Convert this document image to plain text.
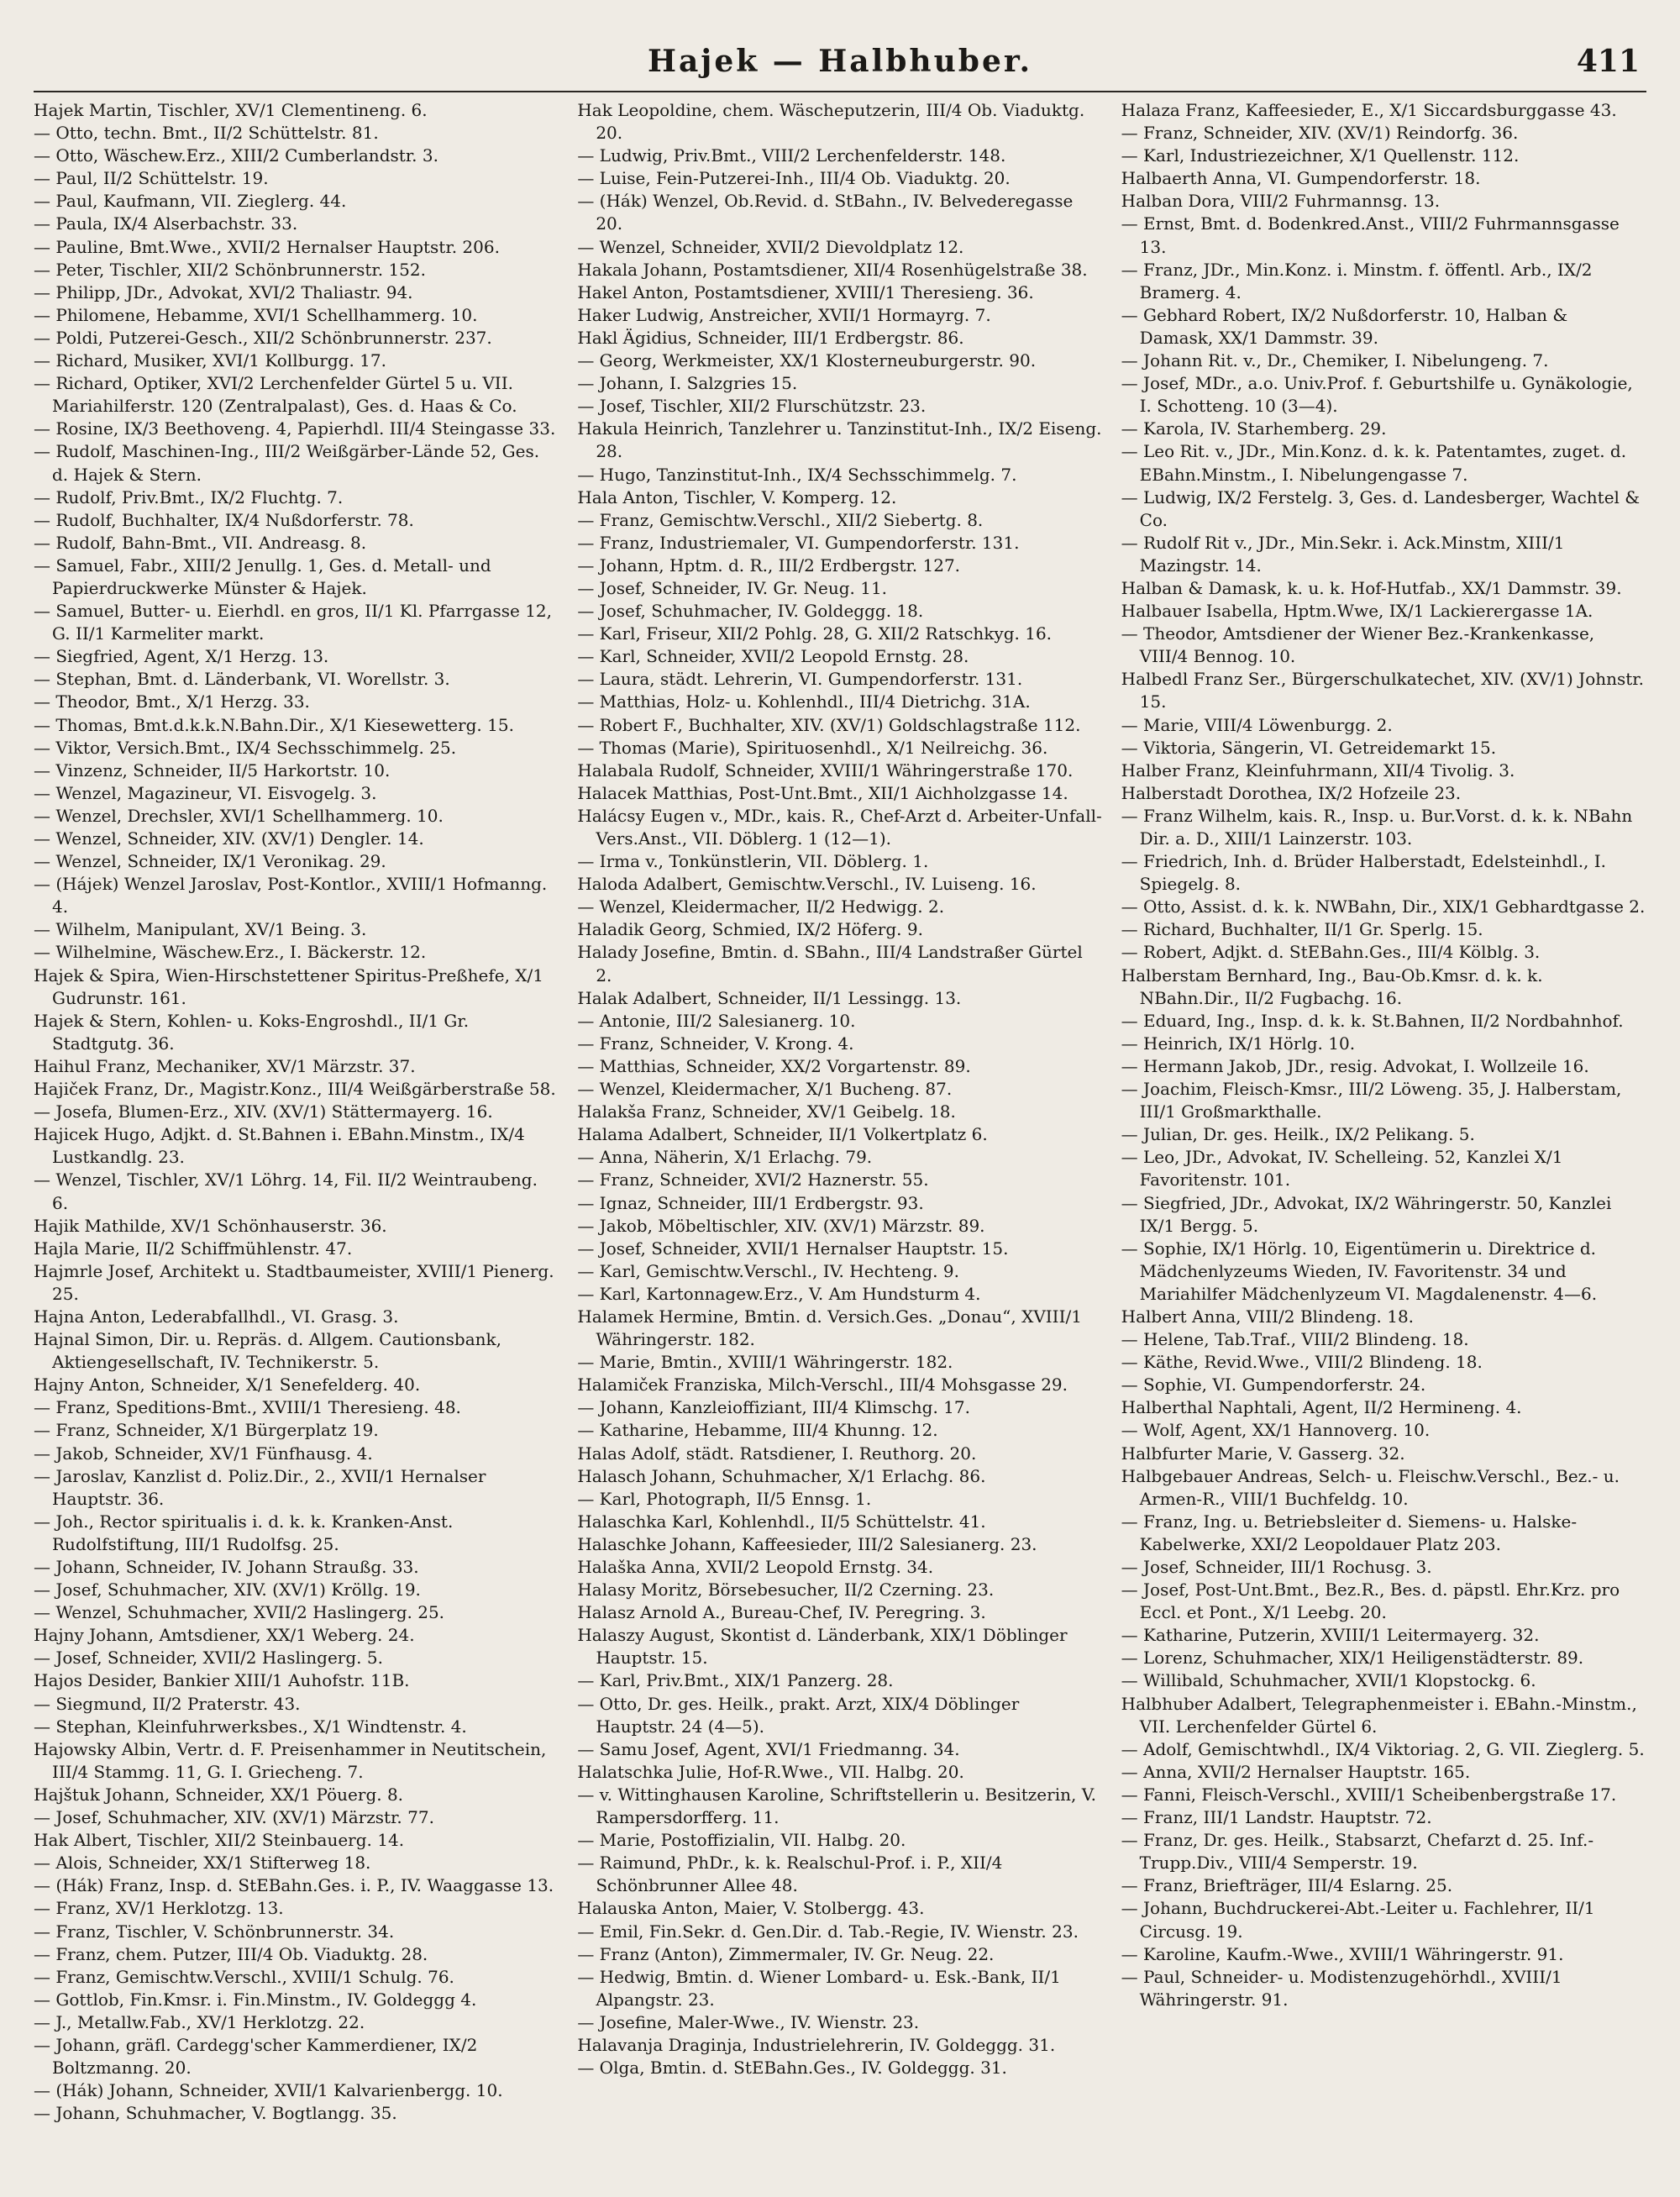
Hajek — Halbhuber.	411

Hajek Martin, Tischler, XV/1 Clementineng. 6.

— Otto, techn. Bmt., II/2 Schüttelstr. 81.

— Otto, Wäschew.Erz., XIII/2 Cumberlandstr. 3.

— Paul, II/2 Schüttelstr. 19.

— Paul, Kaufmann, VII. Zieglerg. 44.

— Paula, IX/4 Alserbachstr. 33.

— Pauline, Bmt.Wwe., XVII/2 Hernalser Hauptstr. 206.

— Peter, Tischler, XII/2 Schönbrunnerstr. 152.

— Philipp, JDr., Advokat, XVI/2 Thaliastr. 94.

— Philomene, Hebamme, XVI/1 Schellhammerg. 10.

— Poldi, Putzerei-Gesch., XII/2 Schönbrunnerstr. 237.

— Richard, Musiker, XVI/1 Kollburgg. 17.

— Richard, Optiker, XVI/2 Lerchenfelder Gürtel 5 u. VII. Mariahilferstr. 120 (Zentralpalast), Ges. d. Haas & Co.

— Rosine, IX/3 Beethoveng. 4, Papierhdl. III/4 Steingasse 33.

— Rudolf, Maschinen-Ing., III/2 Weißgärber-Lände 52, Ges. d. Hajek & Stern.

— Rudolf, Priv.Bmt., IX/2 Fluchtg. 7.

— Rudolf, Buchhalter, IX/4 Nußdorferstr. 78.

— Rudolf, Bahn-Bmt., VII. Andreasg. 8.

— Samuel, Fabr., XIII/2 Jenullg. 1, Ges. d. Metall- und Papierdruckwerke Münster & Hajek.

— Samuel, Butter- u. Eierhdl. en gros, II/1 Kl. Pfarrgasse 12, G. II/1 Karmeliter markt.

— Siegfried, Agent, X/1 Herzg. 13.

— Stephan, Bmt. d. Länderbank, VI. Worellstr. 3.

— Theodor, Bmt., X/1 Herzg. 33.

— Thomas, Bmt.d.k.k.N.Bahn.Dir., X/1 Kiesewetterg. 15.

— Viktor, Versich.Bmt., IX/4 Sechsschimmelg. 25.

— Vinzenz, Schneider, II/5 Harkortstr. 10.

— Wenzel, Magazineur, VI. Eisvogelg. 3.

— Wenzel, Drechsler, XVI/1 Schellhammerg. 10.

— Wenzel, Schneider, XIV. (XV/1) Dengler. 14.

— Wenzel, Schneider, IX/1 Veronikag. 29.

— (Hájek) Wenzel Jaroslav, Post-Kontlor., XVIII/1 Hofmanng. 4.

— Wilhelm, Manipulant, XV/1 Being. 3.

— Wilhelmine, Wäschew.Erz., I. Bäckerstr. 12.

Hajek & Spira, Wien-Hirschstettener Spiritus-Preßhefe, X/1 Gudrunstr. 161.

Hajek & Stern, Kohlen- u. Koks-Engroshdl., II/1 Gr. Stadtgutg. 36.

Haihul Franz, Mechaniker, XV/1 Märzstr. 37.

Hajiček Franz, Dr., Magistr.Konz., III/4 Weißgärberstraße 58.

— Josefa, Blumen-Erz., XIV. (XV/1) Stättermayerg. 16.

Hajicek Hugo, Adjkt. d. St.Bahnen i. EBahn.Minstm., IX/4 Lustkandlg. 23.

— Wenzel, Tischler, XV/1 Löhrg. 14, Fil. II/2 Weintraubeng. 6.

Hajik Mathilde, XV/1 Schönhauserstr. 36.

Hajla Marie, II/2 Schiffmühlenstr. 47.

Hajmrle Josef, Architekt u. Stadtbaumeister, XVIII/1 Pienerg. 25.

Hajna Anton, Lederabfallhdl., VI. Grasg. 3.

Hajnal Simon, Dir. u. Repräs. d. Allgem. Cautionsbank, Aktiengesellschaft, IV. Technikerstr. 5.

Hajny Anton, Schneider, X/1 Senefelderg. 40.

— Franz, Speditions-Bmt., XVIII/1 Theresieng. 48.

— Franz, Schneider, X/1 Bürgerplatz 19.

— Jakob, Schneider, XV/1 Fünfhausg. 4.

— Jaroslav, Kanzlist d. Poliz.Dir., 2., XVII/1 Hernalser Hauptstr. 36.

— Joh., Rector spiritualis i. d. k. k. Kranken-Anst. Rudolfstiftung, III/1 Rudolfsg. 25.

— Johann, Schneider, IV. Johann Straußg. 33.

— Josef, Schuhmacher, XIV. (XV/1) Kröllg. 19.

— Wenzel, Schuhmacher, XVII/2 Haslingerg. 25.

Hajny Johann, Amtsdiener, XX/1 Weberg. 24.

— Josef, Schneider, XVII/2 Haslingerg. 5.

Hajos Desider, Bankier XIII/1 Auhofstr. 11B.

— Siegmund, II/2 Praterstr. 43.

— Stephan, Kleinfuhrwerksbes., X/1 Windtenstr. 4.

Hajowsky Albin, Vertr. d. F. Preisenhammer in Neutitschein, III/4 Stammg. 11, G. I. Griecheng. 7.

Hajštuk Johann, Schneider, XX/1 Pöuerg. 8.

— Josef, Schuhmacher, XIV. (XV/1) Märzstr. 77.

Hak Albert, Tischler, XII/2 Steinbauerg. 14.

— Alois, Schneider, XX/1 Stifterweg 18.

— (Hák) Franz, Insp. d. StEBahn.Ges. i. P., IV. Waaggasse 13.

— Franz, XV/1 Herklotzg. 13.

— Franz, Tischler, V. Schönbrunnerstr. 34.

— Franz, chem. Putzer, III/4 Ob. Viaduktg. 28.

— Franz, Gemischtw.Verschl., XVIII/1 Schulg. 76.

— Gottlob, Fin.Kmsr. i. Fin.Minstm., IV. Goldeggg 4.

— J., Metallw.Fab., XV/1 Herklotzg. 22.

— Johann, gräfl. Cardegg'scher Kammerdiener, IX/2 Boltzmanng. 20.

— (Hák) Johann, Schneider, XVII/1 Kalvarienbergg. 10.

— Johann, Schuhmacher, V. Bogtlangg. 35.

Hak Leopoldine, chem. Wäscheputzerin, III/4 Ob. Viaduktg. 20.

— Ludwig, Priv.Bmt., VIII/2 Lerchenfelderstr. 148.

— Luise, Fein-Putzerei-Inh., III/4 Ob. Viaduktg. 20.

— (Hák) Wenzel, Ob.Revid. d. StBahn., IV. Belvederegasse 20.

— Wenzel, Schneider, XVII/2 Dievoldplatz 12.

Hakala Johann, Postamtsdiener, XII/4 Rosenhügelstraße 38.

Hakel Anton, Postamtsdiener, XVIII/1 Theresieng. 36.

Haker Ludwig, Anstreicher, XVII/1 Hormayrg. 7.

Hakl Ägidius, Schneider, III/1 Erdbergstr. 86.

— Georg, Werkmeister, XX/1 Klosterneuburgerstr. 90.

— Johann, I. Salzgries 15.

— Josef, Tischler, XII/2 Flurschützstr. 23.

Hakula Heinrich, Tanzlehrer u. Tanzinstitut-Inh., IX/2 Eiseng. 28.

— Hugo, Tanzinstitut-Inh., IX/4 Sechsschimmelg. 7.

Hala Anton, Tischler, V. Komperg. 12.

— Franz, Gemischtw.Verschl., XII/2 Siebertg. 8.

— Franz, Industriemaler, VI. Gumpendorferstr. 131.

— Johann, Hptm. d. R., III/2 Erdbergstr. 127.

— Josef, Schneider, IV. Gr. Neug. 11.

— Josef, Schuhmacher, IV. Goldeggg. 18.

— Karl, Friseur, XII/2 Pohlg. 28, G. XII/2 Ratschkyg. 16.

— Karl, Schneider, XVII/2 Leopold Ernstg. 28.

— Laura, städt. Lehrerin, VI. Gumpendorferstr. 131.

— Matthias, Holz- u. Kohlenhdl., III/4 Dietrichg. 31A.

— Robert F., Buchhalter, XIV. (XV/1) Goldschlagstraße 112.

— Thomas (Marie), Spirituosenhdl., X/1 Neilreichg. 36.

Halabala Rudolf, Schneider, XVIII/1 Währingerstraße 170.

Halacek Matthias, Post-Unt.Bmt., XII/1 Aichholzgasse 14.

Halácsy Eugen v., MDr., kais. R., Chef-Arzt d. Arbeiter-Unfall-Vers.Anst., VII. Döblerg. 1 (12—1).

— Irma v., Tonkünstlerin, VII. Döblerg. 1.

Haloda Adalbert, Gemischtw.Verschl., IV. Luiseng. 16.

— Wenzel, Kleidermacher, II/2 Hedwigg. 2.

Haladik Georg, Schmied, IX/2 Höferg. 9.

Halady Josefine, Bmtin. d. SBahn., III/4 Landstraßer Gürtel 2.

Halak Adalbert, Schneider, II/1 Lessingg. 13.

— Antonie, III/2 Salesianerg. 10.

— Franz, Schneider, V. Krong. 4.

— Matthias, Schneider, XX/2 Vorgartenstr. 89.

— Wenzel, Kleidermacher, X/1 Bucheng. 87.

Halakša Franz, Schneider, XV/1 Geibelg. 18.

Halama Adalbert, Schneider, II/1 Volkertplatz 6.

— Anna, Näherin, X/1 Erlachg. 79.

— Franz, Schneider, XVI/2 Haznerstr. 55.

— Ignaz, Schneider, III/1 Erdbergstr. 93.

— Jakob, Möbeltischler, XIV. (XV/1) Märzstr. 89.

— Josef, Schneider, XVII/1 Hernalser Hauptstr. 15.

— Karl, Gemischtw.Verschl., IV. Hechteng. 9.

— Karl, Kartonnagew.Erz., V. Am Hundsturm 4.

Halamek Hermine, Bmtin. d. Versich.Ges. „Donau“, XVIII/1 Währingerstr. 182.

— Marie, Bmtin., XVIII/1 Währingerstr. 182.

Halamiček Franziska, Milch-Verschl., III/4 Mohsgasse 29.

— Johann, Kanzleioffiziant, III/4 Klimschg. 17.

— Katharine, Hebamme, III/4 Khunng. 12.

Halas Adolf, städt. Ratsdiener, I. Reuthorg. 20.

Halasch Johann, Schuhmacher, X/1 Erlachg. 86.

— Karl, Photograph, II/5 Ennsg. 1.

Halaschka Karl, Kohlenhdl., II/5 Schüttelstr. 41.

Halaschke Johann, Kaffeesieder, III/2 Salesianerg. 23.

Halaška Anna, XVII/2 Leopold Ernstg. 34.

Halasy Moritz, Börsebesucher, II/2 Czerning. 23.

Halasz Arnold A., Bureau-Chef, IV. Peregring. 3.

Halaszy August, Skontist d. Länderbank, XIX/1 Döblinger Hauptstr. 15.

— Karl, Priv.Bmt., XIX/1 Panzerg. 28.

— Otto, Dr. ges. Heilk., prakt. Arzt, XIX/4 Döblinger Hauptstr. 24 (4—5).

— Samu Josef, Agent, XVI/1 Friedmanng. 34.

Halatschka Julie, Hof-R.Wwe., VII. Halbg. 20.

— v. Wittinghausen Karoline, Schriftstellerin u. Besitzerin, V. Rampersdorfferg. 11.

— Marie, Postoffizialin, VII. Halbg. 20.

— Raimund, PhDr., k. k. Realschul-Prof. i. P., XII/4 Schönbrunner Allee 48.

Halauska Anton, Maier, V. Stolbergg. 43.

— Emil, Fin.Sekr. d. Gen.Dir. d. Tab.-Regie, IV. Wienstr. 23.

— Franz (Anton), Zimmermaler, IV. Gr. Neug. 22.

— Hedwig, Bmtin. d. Wiener Lombard- u. Esk.-Bank, II/1 Alpangstr. 23.

— Josefine, Maler-Wwe., IV. Wienstr. 23.

Halavanja Draginja, Industrielehrerin, IV. Goldeggg. 31.

— Olga, Bmtin. d. StEBahn.Ges., IV. Goldeggg. 31.

Halaza Franz, Kaffeesieder, E., X/1 Siccardsburggasse 43.

— Franz, Schneider, XIV. (XV/1) Reindorfg. 36.

— Karl, Industriezeichner, X/1 Quellenstr. 112.

Halbaerth Anna, VI. Gumpendorferstr. 18.

Halban Dora, VIII/2 Fuhrmannsg. 13.

— Ernst, Bmt. d. Bodenkred.Anst., VIII/2 Fuhrmannsgasse 13.

— Franz, JDr., Min.Konz. i. Minstm. f. öffentl. Arb., IX/2 Bramerg. 4.

— Gebhard Robert, IX/2 Nußdorferstr. 10, Halban & Damask, XX/1 Dammstr. 39.

— Johann Rit. v., Dr., Chemiker, I. Nibelungeng. 7.

— Josef, MDr., a.o. Univ.Prof. f. Geburtshilfe u. Gynäkologie, I. Schotteng. 10 (3—4).

— Karola, IV. Starhemberg. 29.

— Leo Rit. v., JDr., Min.Konz. d. k. k. Patentamtes, zuget. d. EBahn.Minstm., I. Nibelungengasse 7.

— Ludwig, IX/2 Ferstelg. 3, Ges. d. Landesberger, Wachtel & Co.

— Rudolf Rit v., JDr., Min.Sekr. i. Ack.Minstm, XIII/1 Mazingstr. 14.

Halban & Damask, k. u. k. Hof-Hutfab., XX/1 Dammstr. 39.

Halbauer Isabella, Hptm.Wwe, IX/1 Lackierergasse 1A.

— Theodor, Amtsdiener der Wiener Bez.-Krankenkasse, VIII/4 Bennog. 10.

Halbedl Franz Ser., Bürgerschulkatechet, XIV. (XV/1) Johnstr. 15.

— Marie, VIII/4 Löwenburgg. 2.

— Viktoria, Sängerin, VI. Getreidemarkt 15.

Halber Franz, Kleinfuhrmann, XII/4 Tivolig. 3.

Halberstadt Dorothea, IX/2 Hofzeile 23.

— Franz Wilhelm, kais. R., Insp. u. Bur.Vorst. d. k. k. NBahn Dir. a. D., XIII/1 Lainzerstr. 103.

— Friedrich, Inh. d. Brüder Halberstadt, Edelsteinhdl., I. Spiegelg. 8.

— Otto, Assist. d. k. k. NWBahn, Dir., XIX/1 Gebhardtgasse 2.

— Richard, Buchhalter, II/1 Gr. Sperlg. 15.

— Robert, Adjkt. d. StEBahn.Ges., III/4 Kölblg. 3.

Halberstam Bernhard, Ing., Bau-Ob.Kmsr. d. k. k. NBahn.Dir., II/2 Fugbachg. 16.

— Eduard, Ing., Insp. d. k. k. St.Bahnen, II/2 Nordbahnhof.

— Heinrich, IX/1 Hörlg. 10.

— Hermann Jakob, JDr., resig. Advokat, I. Wollzeile 16.

— Joachim, Fleisch-Kmsr., III/2 Löweng. 35, J. Halberstam, III/1 Großmarkthalle.

— Julian, Dr. ges. Heilk., IX/2 Pelikang. 5.

— Leo, JDr., Advokat, IV. Schelleing. 52, Kanzlei X/1 Favoritenstr. 101.

— Siegfried, JDr., Advokat, IX/2 Währingerstr. 50, Kanzlei IX/1 Bergg. 5.

— Sophie, IX/1 Hörlg. 10, Eigentümerin u. Direktrice d. Mädchenlyzeums Wieden, IV. Favoritenstr. 34 und Mariahilfer Mädchenlyzeum VI. Magdalenenstr. 4—6.

Halbert Anna, VIII/2 Blindeng. 18.

— Helene, Tab.Traf., VIII/2 Blindeng. 18.

— Käthe, Revid.Wwe., VIII/2 Blindeng. 18.

— Sophie, VI. Gumpendorferstr. 24.

Halberthal Naphtali, Agent, II/2 Hermineng. 4.

— Wolf, Agent, XX/1 Hannoverg. 10.

Halbfurter Marie, V. Gasserg. 32.

Halbgebauer Andreas, Selch- u. Fleischw.Verschl., Bez.- u. Armen-R., VIII/1 Buchfeldg. 10.

— Franz, Ing. u. Betriebsleiter d. Siemens- u. Halske-Kabelwerke, XXI/2 Leopoldauer Platz 203.

— Josef, Schneider, III/1 Rochusg. 3.

— Josef, Post-Unt.Bmt., Bez.R., Bes. d. päpstl. Ehr.Krz. pro Eccl. et Pont., X/1 Leebg. 20.

— Katharine, Putzerin, XVIII/1 Leitermayerg. 32.

— Lorenz, Schuhmacher, XIX/1 Heiligenstädterstr. 89.

— Willibald, Schuhmacher, XVII/1 Klopstockg. 6.

Halbhuber Adalbert, Telegraphenmeister i. EBahn.-Minstm., VII. Lerchenfelder Gürtel 6.

— Adolf, Gemischtwhdl., IX/4 Viktoriag. 2, G. VII. Zieglerg. 5.

— Anna, XVII/2 Hernalser Hauptstr. 165.

— Fanni, Fleisch-Verschl., XVIII/1 Scheibenbergstraße 17.

— Franz, III/1 Landstr. Hauptstr. 72.

— Franz, Dr. ges. Heilk., Stabsarzt, Chefarzt d. 25. Inf.-Trupp.Div., VIII/4 Semperstr. 19.

— Franz, Briefträger, III/4 Eslarng. 25.

— Johann, Buchdruckerei-Abt.-Leiter u. Fachlehrer, II/1 Circusg. 19.

— Karoline, Kaufm.-Wwe., XVIII/1 Währingerstr. 91.

— Paul, Schneider- u. Modistenzugehörhdl., XVIII/1 Währingerstr. 91.
